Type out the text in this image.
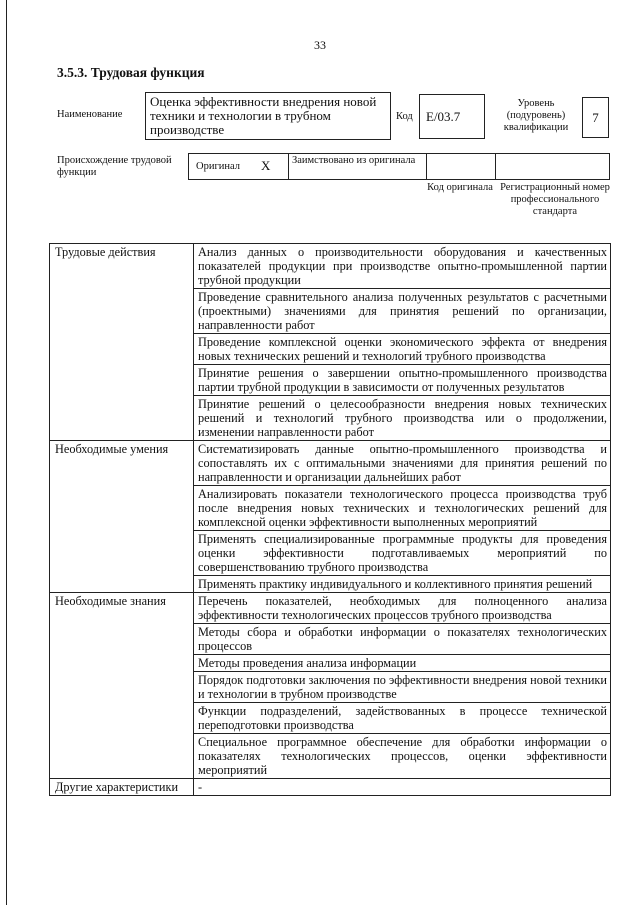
33
3.5.3. Трудовая функция
Наименование
Оценка эффективности внедрения новой техники и технологии в трубном производстве
Код E/03.7
Уровень (подуровень) квалификации
7
Происхождение трудовой функции
Оригинал X Заимствовано из оригинала
Код оригинала Регистрационный номер профессионального стандарта
Трудовые действия	Анализ данных о производительности оборудования и качественных показателей продукции при производстве опытно-промышленной партии трубной продукции
	Проведение сравнительного анализа полученных результатов с расчетными (проектными) значениями для принятия решений по организации, направленности работ
	Проведение комплексной оценки экономического эффекта от внедрения новых технических решений и технологий трубного производства
	Принятие решения о завершении опытно-промышленного производства партии трубной продукции в зависимости от полученных результатов
	Принятие решений о целесообразности внедрения новых технических решений и технологий трубного производства или о продолжении, изменении направленности работ
Необходимые умения	Систематизировать данные опытно-промышленного производства и сопоставлять их с оптимальными значениями для принятия решений по направленности и организации дальнейших работ
	Анализировать показатели технологического процесса производства труб после внедрения новых технических и технологических решений для комплексной оценки эффективности выполненных мероприятий
	Применять специализированные программные продукты для проведения оценки эффективности подготавливаемых мероприятий по совершенствованию трубного производства
	Применять практику индивидуального и коллективного принятия решений
Необходимые знания	Перечень показателей, необходимых для полноценного анализа эффективности технологических процессов трубного производства
	Методы сбора и обработки информации о показателях технологических процессов
	Методы проведения анализа информации
	Порядок подготовки заключения по эффективности внедрения новой техники и технологии в трубном производстве
	Функции подразделений, задействованных в процессе технической переподготовки производства
	Специальное программное обеспечение для обработки информации о показателях технологических процессов, оценки эффективности мероприятий
Другие характеристики	-
